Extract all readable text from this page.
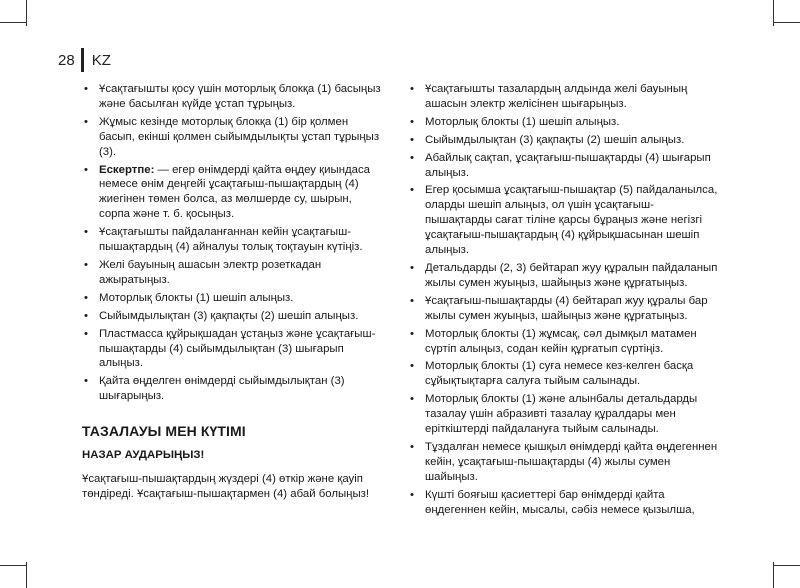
28 KZ
• Ұсақтағышты қосу үшін моторлық блокқа (1) басыңыз және басылған күйде ұстап тұрыңыз.
• Жұмыс кезінде моторлық блокқа (1) бір қолмен басып, екінші қолмен сыйымдылықты ұстап тұрыңыз (3).
• Ескертпе: — егер өнімдерді қайта өңдеу қиындаса немесе өнім деңгейі ұсақтағыш-пышақтардың (4) жиегінен төмен болса, аз мөлшерде су, шырын, сорпа және т. б. қосыңыз.
• Ұсақтағышты пайдаланғаннан кейін ұсақтағыш-пышақтардың (4) айналуы толық тоқтауын күтіңіз.
• Желі бауының ашасын электр розеткадан ажыратыңыз.
• Моторлық блокты (1) шешіп алыңыз.
• Сыйымдылықтан (3) қақпақты (2) шешіп алыңыз.
• Пластмасса құйрықшадан ұстаңыз және ұсақтағыш-пышақтарды (4) сыйымдылықтан (3) шығарып алыңыз.
• Қайта өңделген өнімдерді сыйымдылықтан (3) шығарыңыз.
ТАЗАЛАУЫ МЕН КҮТІМІ
НАЗАР АУДАРЫҢЫЗ!

Ұсақтағыш-пышақтардың жүздері (4) өткір және қауіп төндіреді. Ұсақтағыш-пышақтармен (4) абай болыңыз!

• Ұсақтағышты тазалардың алдында желі бауының ашасын электр желісінен шығарыңыз.
• Моторлық блокты (1) шешіп алыңыз.
• Сыйымдылықтан (3) қақпақты (2) шешіп алыңыз.
• Абайлық сақтап, ұсақтағыш-пышақтарды (4) шығарып алыңыз.
• Егер қосымша ұсақтағыш-пышақтар (5) пайдаланылса, оларды шешіп алыңыз, ол үшін ұсақтағыш-пышақтарды сағат тіліне қарсы бұраңыз және негізгі ұсақтағыш-пышақтардың (4) құйрықшасынан шешіп алыңыз.
• Детальдарды (2, 3) бейтарап жуу құралын пайдаланып жылы сумен жуыңыз, шайыңыз және құрғатыңыз.
• Ұсақтағыш-пышақтарды (4) бейтарап жуу құралы бар жылы сумен жуыңыз, шайыңыз және құрғатыңыз.
• Моторлық блокты (1) жұмсақ, сәл дымқыл матамен сүртіп алыңыз, содан кейін құрғатып сүртіңіз.
• Моторлық блокты (1) суға немесе кез-келген басқа сұйықтықтарға салуға тыйым салынады.
• Моторлық блокты (1) және алынбалы детальдарды тазалау үшін абразивті тазалау құралдары мен еріткіштерді пайдалануға тыйым салынады.
• Тұздалған немесе қышқыл өнімдерді қайта өңдегеннен кейін, ұсақтағыш-пышақтарды (4) жылы сумен шайыңыз.
• Күшті бояғыш қасиеттері бар өнімдерді қайта өңдегеннен кейін, мысалы, сәбіз немесе қызылша,
